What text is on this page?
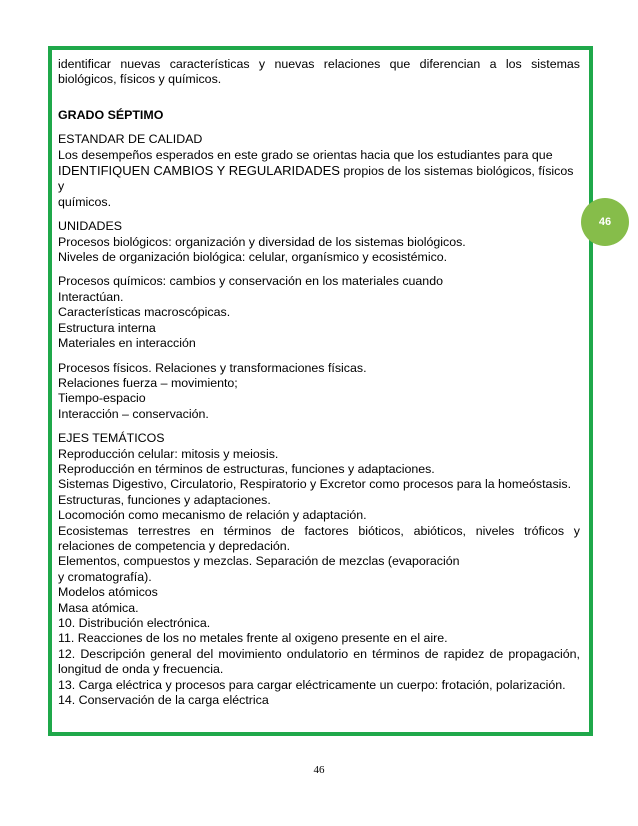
46

identificar nuevas características y nuevas relaciones que diferencian a los sistemas

biológicos, físicos y químicos.

GRADO SÉPTIMO

ESTANDAR DE CALIDAD

Los desempeños esperados en este grado se orientas hacia que los estudiantes para que

IDENTIFIQUEN CAMBIOS Y REGULARIDADES propios de los sistemas biológicos, físicos y

químicos.

UNIDADES

Procesos biológicos: organización y diversidad de los sistemas biológicos.

Niveles de organización biológica: celular, organísmico y ecosistémico.

Procesos químicos: cambios y conservación en los materiales cuando

Interactúan.

Características macroscópicas.

Estructura interna

Materiales en interacción

Procesos físicos. Relaciones y transformaciones físicas.

Relaciones fuerza – movimiento;

Tiempo-espacio

Interacción – conservación.

EJES TEMÁTICOS

Reproducción celular: mitosis y meiosis.

Reproducción en términos de estructuras, funciones y adaptaciones.

Sistemas Digestivo, Circulatorio, Respiratorio y Excretor como procesos para la homeóstasis.

Estructuras, funciones y adaptaciones.

Locomoción como mecanismo de relación y adaptación.

Ecosistemas terrestres en términos de factores bióticos, abióticos, niveles tróficos y

relaciones de competencia y depredación.

Elementos, compuestos y mezclas. Separación de mezclas (evaporación

y cromatografía).

Modelos atómicos

Masa atómica.

10. Distribución electrónica.

11. Reacciones de los no metales frente al oxigeno presente en el aire.

12. Descripción general del movimiento ondulatorio en términos de rapidez de propagación,

longitud de onda y frecuencia.

13. Carga eléctrica y procesos para cargar eléctricamente un cuerpo: frotación, polarización.

14. Conservación de la carga eléctrica

46
